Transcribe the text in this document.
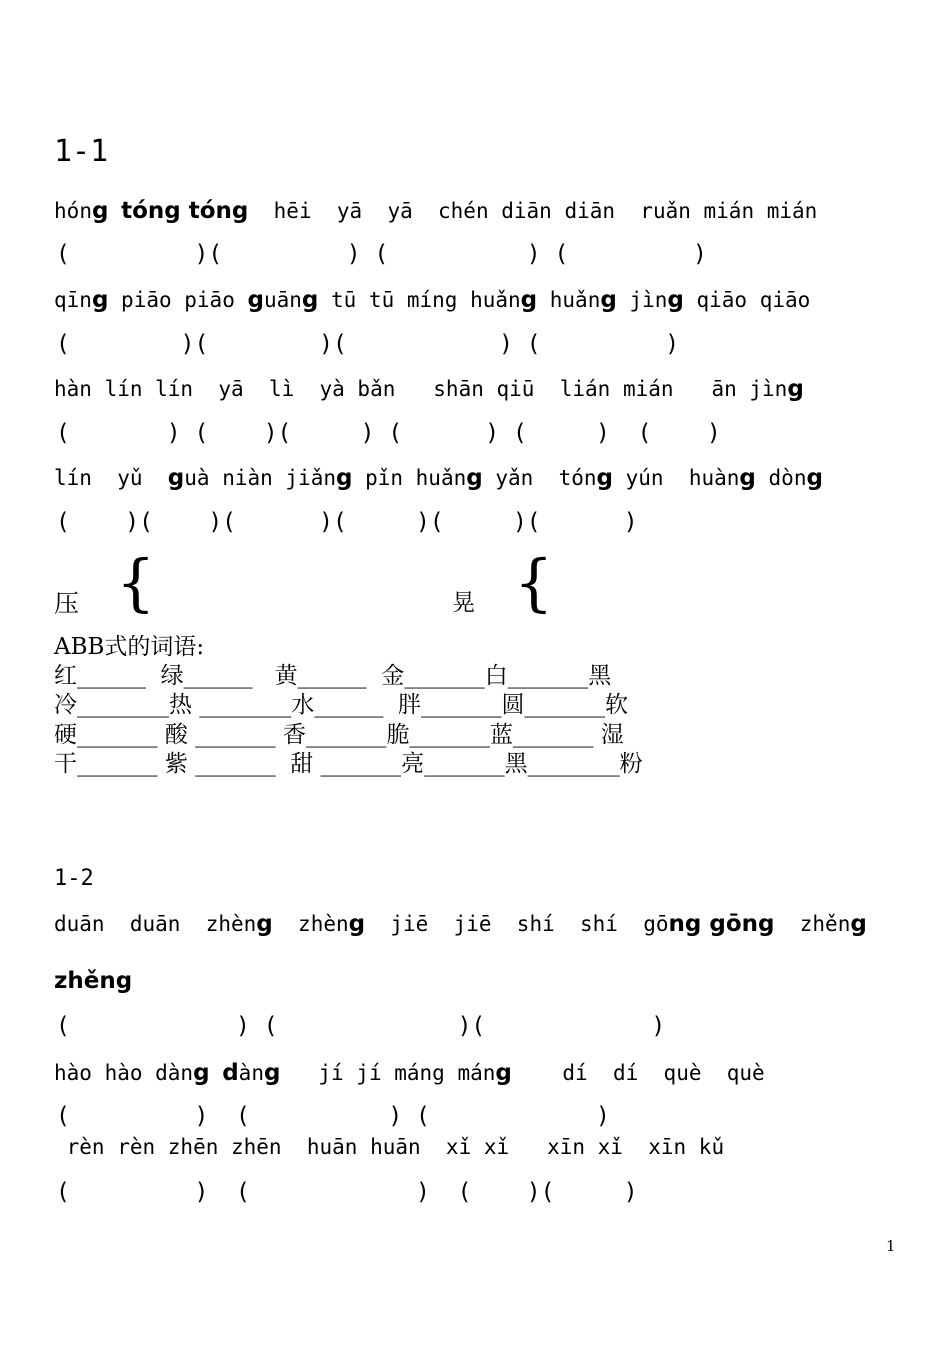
1-1
hóng tóng tóng  hēi  yā  yā  chén diān diān  ruǎn mián mián
(         )(         ) (          ) (         )
qīng piāo piāo guāng tū tū míng huǎng huǎng jìng qiāo qiāo
(        )(        )(           ) (         )
hàn lín lín  yā  lì  yà bǎn   shān qiū  lián mián   ān jìng
(       ) (    )(     ) (      ) (     )  (    )
lín  yǔ  guà niàn jiǎng pǐn huǎng yǎn  tóng yún  huàng dòng
(    )(    )(      )(     )(     )(      )
压 {	晃 {
ABB式的词语:
红______  绿______   黄______  金_______白_______黑
冷________热 ________水______  胖_______圆_______软
硬_______ 酸 _______ 香_______脆_______蓝_______ 湿
干_______ 紫 _______  甜 _______亮_______黑________粉
1-2
duān  duān  zhèng  zhèng  jiē  jiē  shí  shí  gōng gōng  zhěng
zhěng
(            ) (             )(            )
hào hào dàng dàng   jí jí máng máng    dí  dí  què  què
(         )  (          ) (            )
rèn rèn zhēn zhēn  huān huān  xǐ xǐ   xīn xǐ  xīn kǔ
(         )  (            )  (    )(     )
1
